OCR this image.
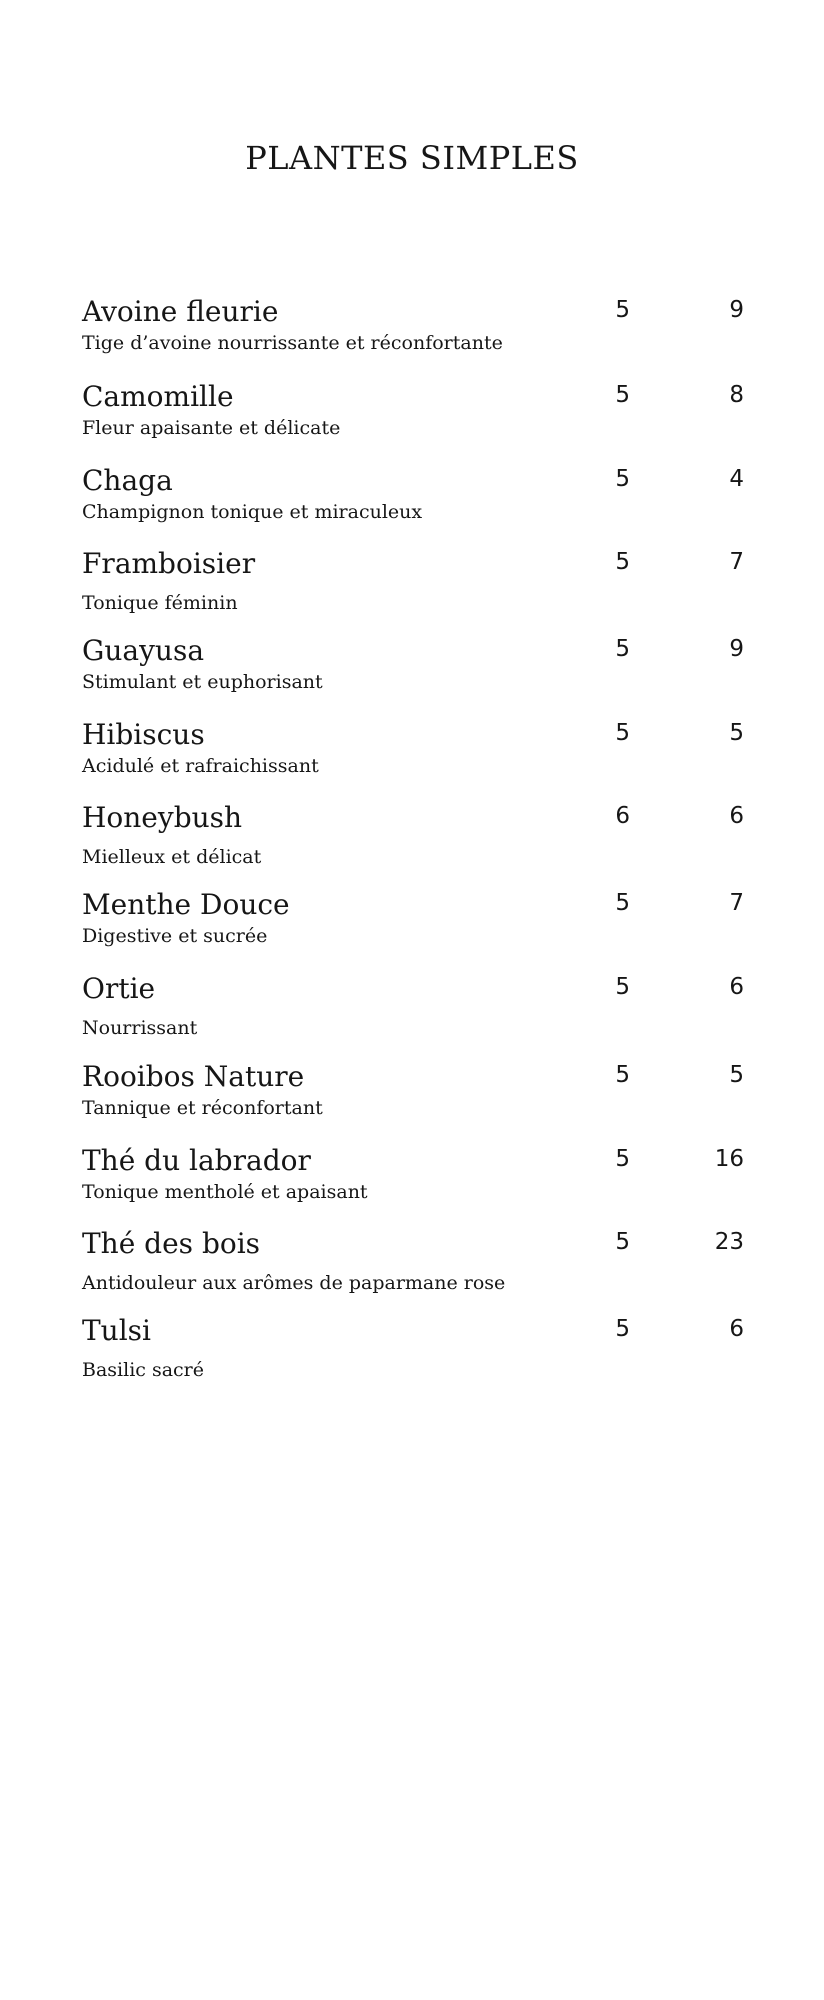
PLANTES SIMPLES
Avoine fleurie
Tige d’avoine nourrissante et réconfortante
5	9
Camomille
Fleur apaisante et délicate
5	8
Chaga
Champignon tonique et miraculeux
5	4
Framboisier
Tonique féminin
5	7
Guayusa
Stimulant et euphorisant
5	9
Hibiscus
Acidulé et rafraichissant
5	5
Honeybush
Mielleux et délicat
6	6
Menthe Douce
Digestive et sucrée
5	7
Ortie
Nourrissant
5	6
Rooibos Nature
Tannique et réconfortant
5	5
Thé du labrador
Tonique mentholé et apaisant
5	16
Thé des bois
Antidouleur aux arômes de paparmane rose
5	23
Tulsi
Basilic sacré
5	6
